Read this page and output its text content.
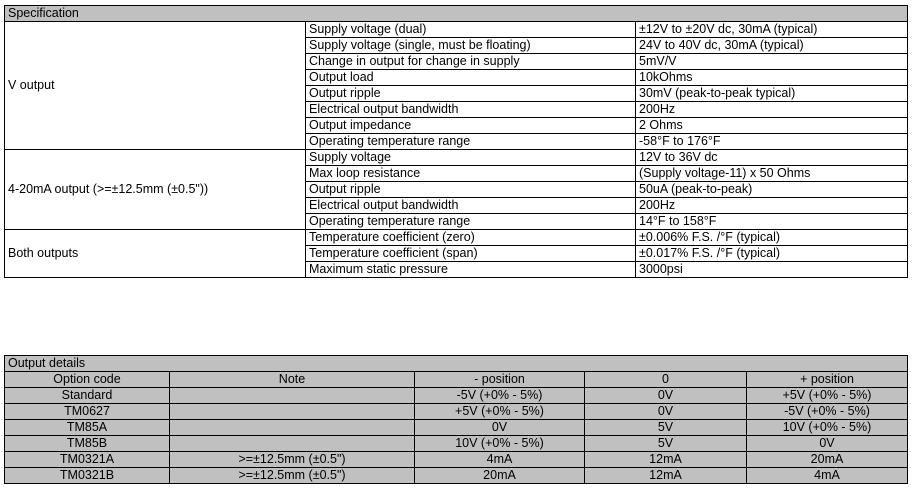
Specification		
V output	Supply voltage (dual)	±12V to ±20V dc, 30mA (typical)
	Supply voltage (single, must be floating)	24V to 40V dc, 30mA (typical)
	Change in output for change in supply	5mV/V
	Output load	10kOhms
	Output ripple	30mV (peak-to-peak typical)
	Electrical output bandwidth	200Hz
	Output impedance	2 Ohms
	Operating temperature range	-58°F to 176°F
4-20mA output (>=±12.5mm (±0.5"))	Supply voltage	12V to 36V dc
	Max loop resistance	(Supply voltage-11) x 50 Ohms
	Output ripple	50uA (peak-to-peak)
	Electrical output bandwidth	200Hz
	Operating temperature range	14°F to 158°F
Both outputs	Temperature coefficient (zero)	±0.006% F.S. /°F (typical)
	Temperature coefficient (span)	±0.017% F.S. /°F (typical)
	Maximum static pressure	3000psi
Output details				
Option code	Note	- position	0	+ position
Standard		-5V (+0% - 5%)	0V	+5V (+0% - 5%)
TM0627		+5V (+0% - 5%)	0V	-5V (+0% - 5%)
TM85A		0V	5V	10V (+0% - 5%)
TM85B		10V (+0% - 5%)	5V	0V
TM0321A	>=±12.5mm (±0.5")	4mA	12mA	20mA
TM0321B	>=±12.5mm (±0.5")	20mA	12mA	4mA
